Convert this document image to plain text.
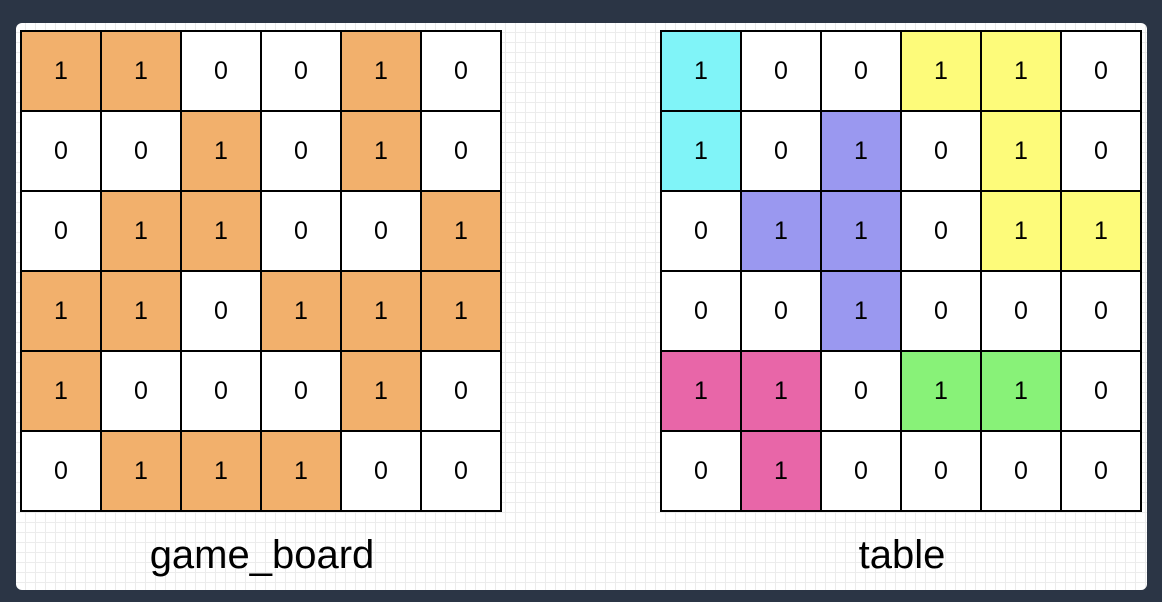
1	1	0	0	1	0
0	0	1	0	1	0
0	1	1	0	0	1
1	1	0	1	1	1
1	0	0	0	1	0
0	1	1	1	0	0
game_board
1	0	0	1	1	0
1	0	1	0	1	0
0	1	1	0	1	1
0	0	1	0	0	0
1	1	0	1	1	0
0	1	0	0	0	0
table
